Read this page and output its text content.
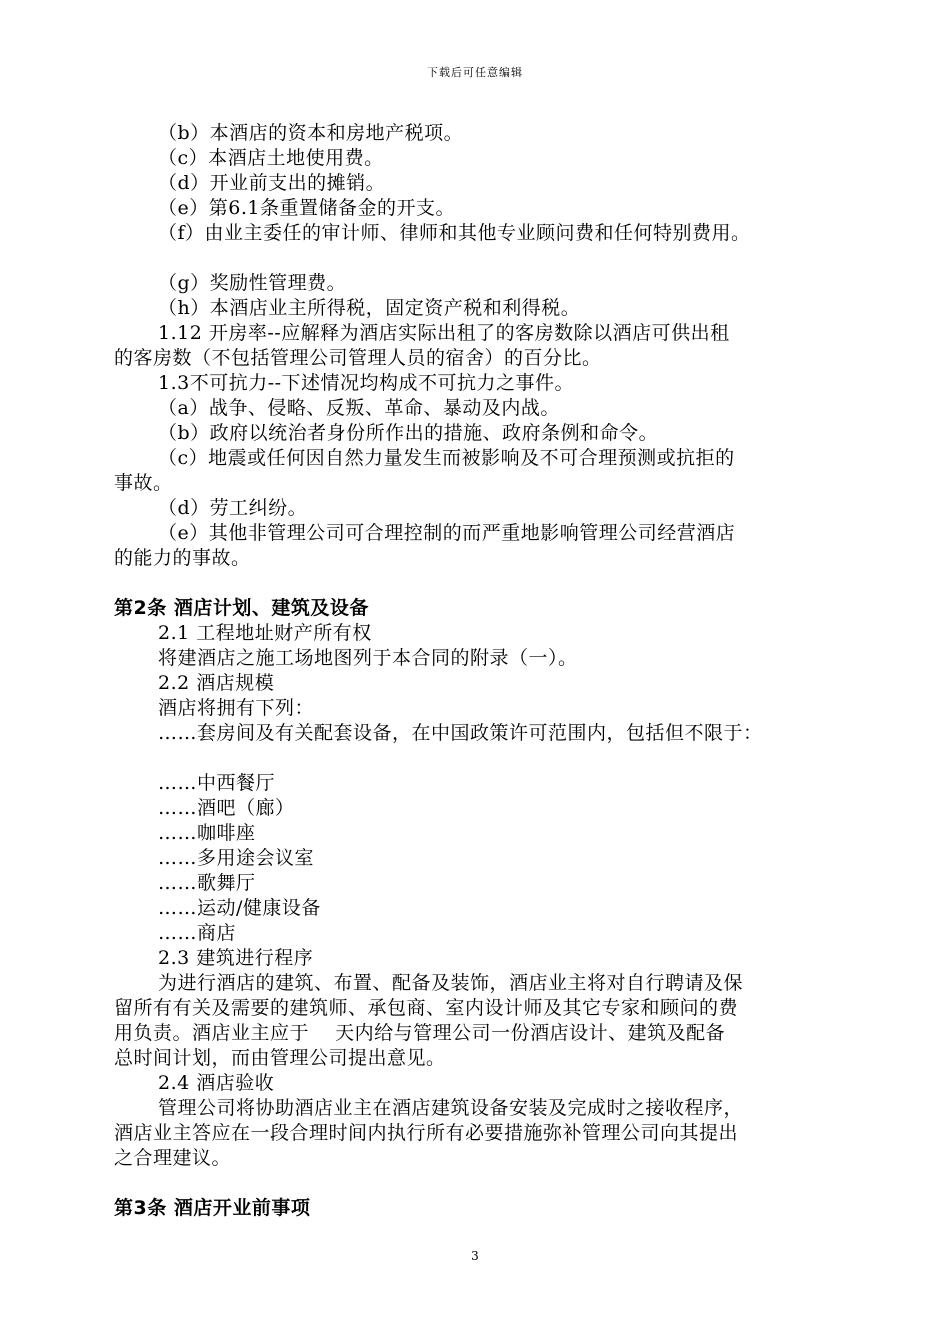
下载后可任意编辑

（b）本酒店的资本和房地产税项。

（c）本酒店土地使用费。

（d）开业前支出的摊销。

（e）第6.1条重置储备金的开支。

（f）由业主委任的审计师、律师和其他专业顾问费和任何特别费用。

（g）奖励性管理费。

（h）本酒店业主所得税，固定资产税和利得税。

1.12 开房率--应解释为酒店实际出租了的客房数除以酒店可供出租

的客房数（不包括管理公司管理人员的宿舍）的百分比。

1.3不可抗力--下述情况均构成不可抗力之事件。

（a）战争、侵略、反叛、革命、暴动及内战。

（b）政府以统治者身份所作出的措施、政府条例和命令。

（c）地震或任何因自然力量发生而被影响及不可合理预测或抗拒的

事故。

（d）劳工纠纷。

（e）其他非管理公司可合理控制的而严重地影响管理公司经营酒店

的能力的事故。

第2条 酒店计划、建筑及设备

2.1 工程地址财产所有权

将建酒店之施工场地图列于本合同的附录（一）。

2.2 酒店规模

酒店将拥有下列：

……套房间及有关配套设备，在中国政策许可范围内，包括但不限于：

……中西餐厅

……酒吧（廊）

……咖啡座

……多用途会议室

……歌舞厅

……运动/健康设备

……商店

2.3 建筑进行程序

为进行酒店的建筑、布置、配备及装饰，酒店业主将对自行聘请及保

留所有有关及需要的建筑师、承包商、室内设计师及其它专家和顾问的费

用负责。酒店业主应于    天内给与管理公司一份酒店设计、建筑及配备

总时间计划，而由管理公司提出意见。

2.4 酒店验收

管理公司将协助酒店业主在酒店建筑设备安装及完成时之接收程序，

酒店业主答应在一段合理时间内执行所有必要措施弥补管理公司向其提出

之合理建议。

第3条 酒店开业前事项

3
